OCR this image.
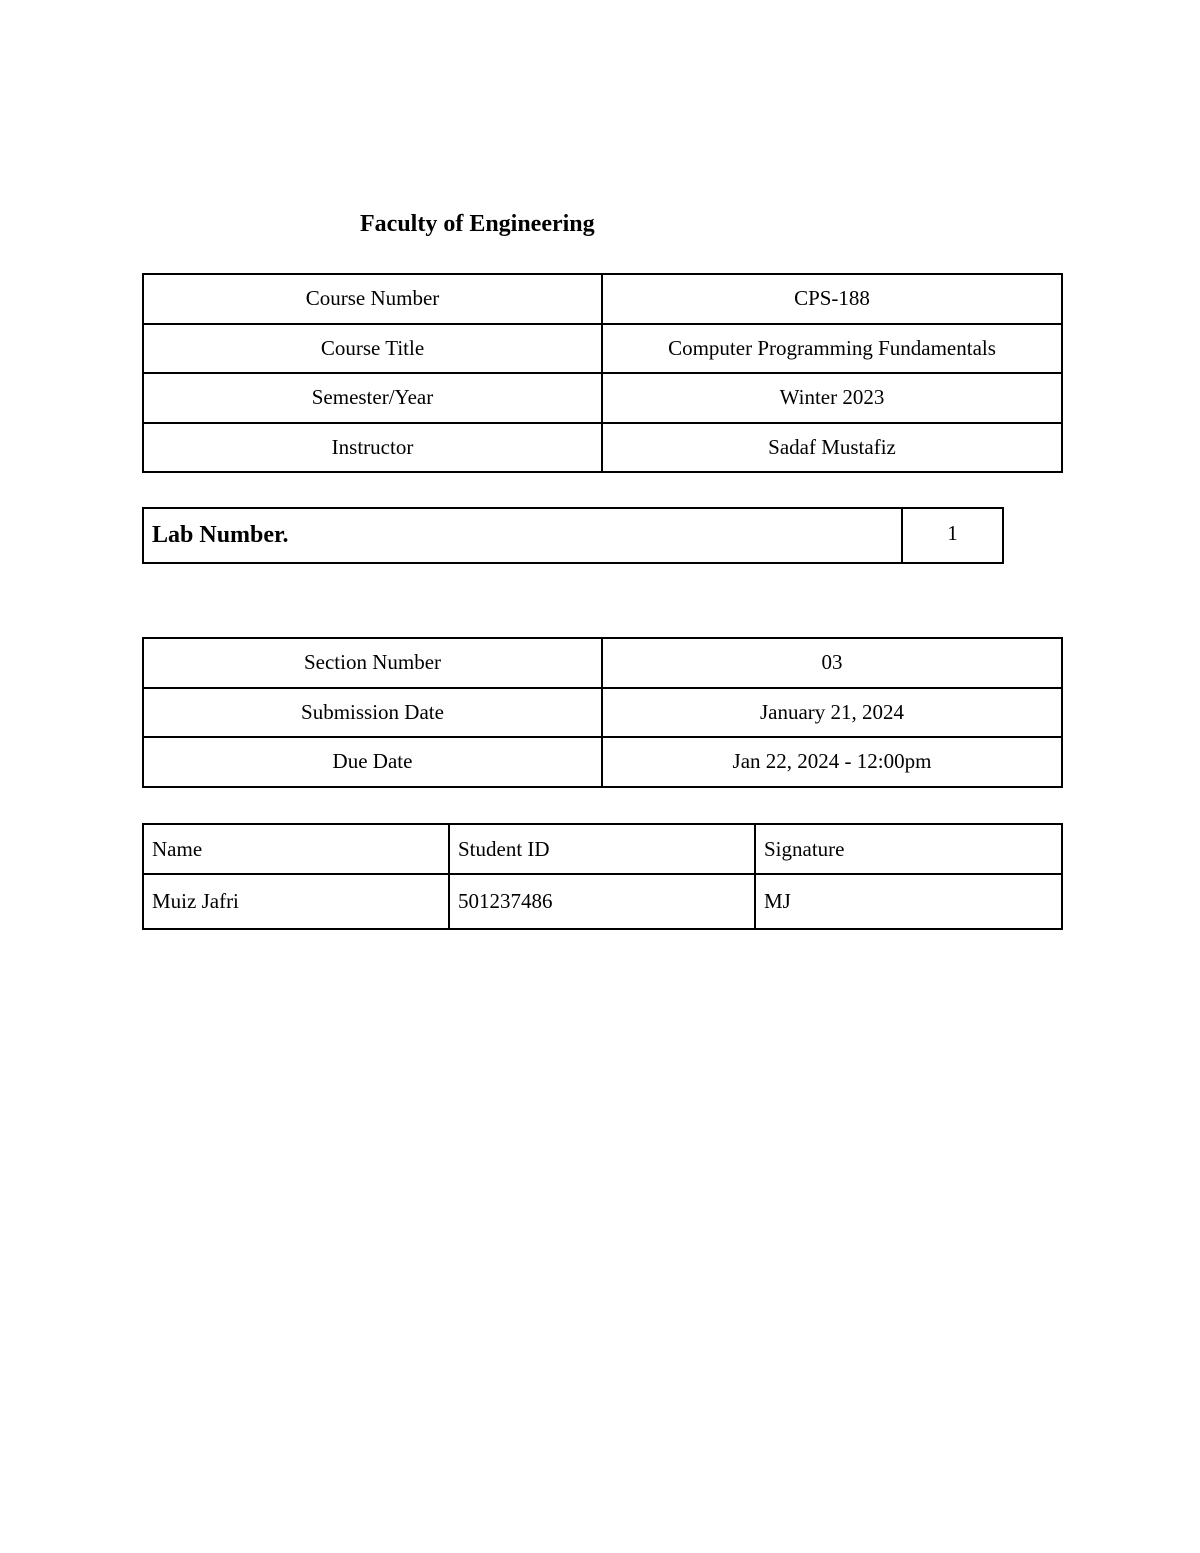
Faculty of Engineering
Course Number	CPS-188
Course Title	Computer Programming Fundamentals
Semester/Year	Winter 2023
Instructor	Sadaf Mustafiz
Lab Number.	1
Section Number	03
Submission Date	January 21, 2024
Due Date	Jan 22, 2024 - 12:00pm
Name	Student ID	Signature
Muiz Jafri	501237486	MJ
